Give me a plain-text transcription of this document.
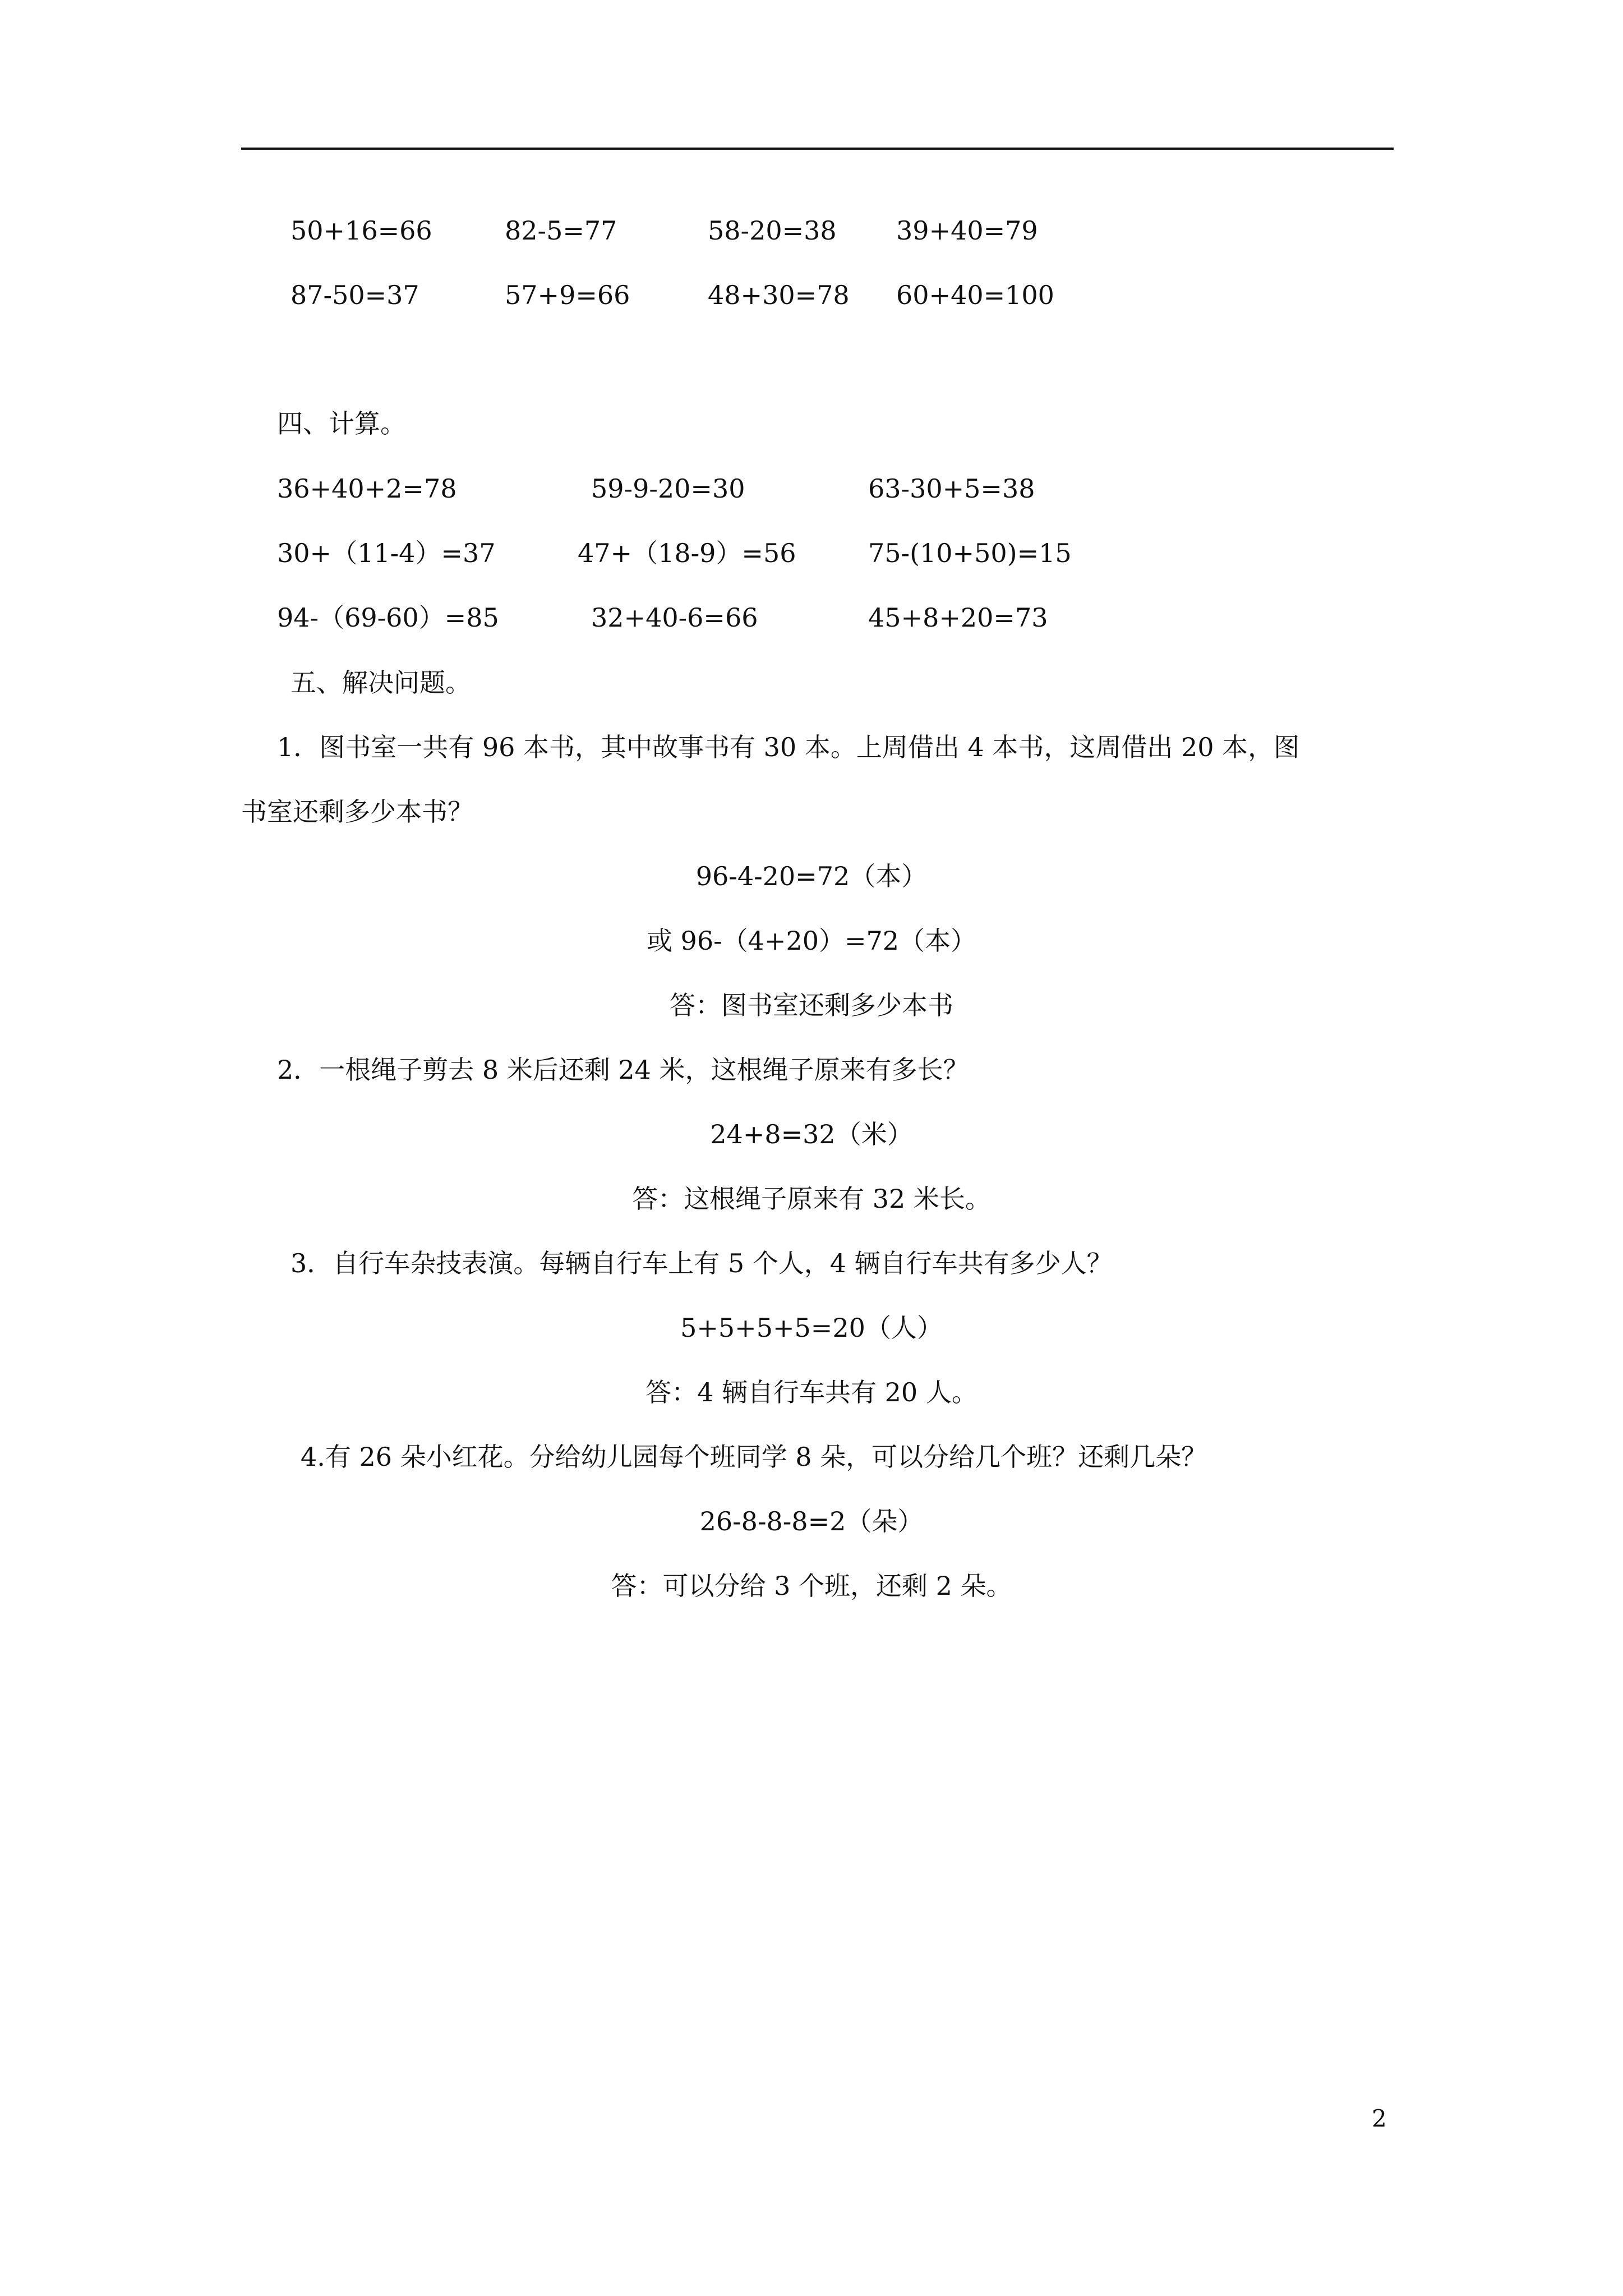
50+16=66	82-5=77	58-20=38 39+40=79
87-50=37	57+9=66	48+30=78 60+40=100
四、计算。
36+40+2=78	59-9-20=30	63-30+5=38
30+（11-4）=37	47+（18-9）=56	75-(10+50)=15
94-（69-60）=85	32+40-6=66	45+8+20=73
五、解决问题。
1．图书室一共有 96 本书，其中故事书有 30 本。上周借出 4 本书，这周借出 20 本，图
书室还剩多少本书？
96-4-20=72（本）
或 96-（4+20）=72（本）
答：图书室还剩多少本书
2．一根绳子剪去 8 米后还剩 24 米，这根绳子原来有多长？
24+8=32（米）
答：这根绳子原来有 32 米长。
3．自行车杂技表演。每辆自行车上有 5 个人，4 辆自行车共有多少人？
5+5+5+5=20（人）
答：4 辆自行车共有 20 人。
4.有 26 朵小红花。分给幼儿园每个班同学 8 朵，可以分给几个班？还剩几朵？
26-8-8-8=2（朵）
答：可以分给 3 个班，还剩 2 朵。
2
